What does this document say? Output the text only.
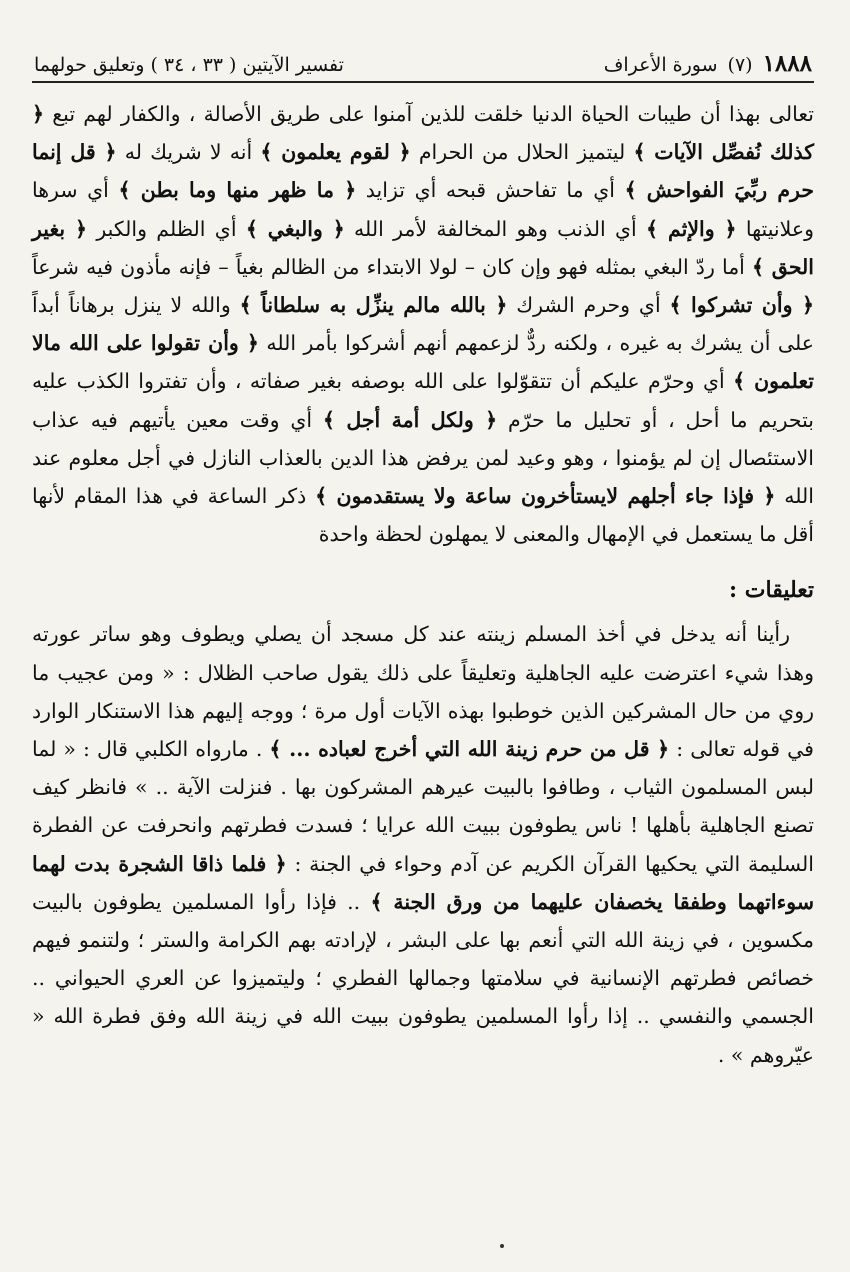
١٨٨٨
(٧)
سورة الأعراف
تفسير الآيتين ( ٣٣ ، ٣٤ ) وتعليق حولهما

تعالى بهذا أن طيبات الحياة الدنيا خلقت للذين آمنوا على طريق الأصالة ، والكفار لهم تبع ﴿ كذلك نُفصِّل الآيات ﴾ ليتميز الحلال من الحرام ﴿ لقوم يعلمون ﴾ أنه لا شريك له ﴿ قل إنما حرم ربِّيَ الفواحش ﴾ أي ما تفاحش قبحه أي تزايد ﴿ ما ظهر منها وما بطن ﴾ أي سرها وعلانيتها ﴿ والإثم ﴾ أي الذنب وهو المخالفة لأمر الله ﴿ والبغي ﴾ أي الظلم والكبر ﴿ بغير الحق ﴾ أما ردّ البغي بمثله فهو وإن كان – لولا الابتداء من الظالم بغياً – فإنه مأذون فيه شرعاً ﴿ وأن تشركوا ﴾ أي وحرم الشرك ﴿ بالله مالم ينزِّل به سلطاناً ﴾ والله لا ينزل برهاناً أبداً على أن يشرك به غيره ، ولكنه ردٌّ لزعمهم أنهم أشركوا بأمر الله ﴿ وأن تقولوا على الله مالا تعلمون ﴾ أي وحرّم عليكم أن تتقوّلوا على الله بوصفه بغير صفاته ، وأن تفتروا الكذب عليه بتحريم ما أحل ، أو تحليل ما حرّم ﴿ ولكل أمة أجل ﴾ أي وقت معين يأتيهم فيه عذاب الاستئصال إن لم يؤمنوا ، وهو وعيد لمن يرفض هذا الدين بالعذاب النازل في أجل معلوم عند الله ﴿ فإذا جاء أجلهم لايستأخرون ساعة ولا يستقدمون ﴾ ذكر الساعة في هذا المقام لأنها أقل ما يستعمل في الإمهال والمعنى لا يمهلون لحظة واحدة

تعليقات :

رأينا أنه يدخل في أخذ المسلم زينته عند كل مسجد أن يصلي ويطوف وهو ساتر عورته وهذا شيء اعترضت عليه الجاهلية وتعليقاً على ذلك يقول صاحب الظلال : « ومن عجيب ما روي من حال المشركين الذين خوطبوا بهذه الآيات أول مرة ؛ ووجه إليهم هذا الاستنكار الوارد في قوله تعالى : ﴿ قل من حرم زينة الله التي أخرج لعباده ... ﴾ . مارواه الكلبي قال : « لما لبس المسلمون الثياب ، وطافوا بالبيت عيرهم المشركون بها . فنزلت الآية .. » فانظر كيف تصنع الجاهلية بأهلها ! ناس يطوفون ببيت الله عرايا ؛ فسدت فطرتهم وانحرفت عن الفطرة السليمة التي يحكيها القرآن الكريم عن آدم وحواء في الجنة : ﴿ فلما ذاقا الشجرة بدت لهما سوءاتهما وطفقا يخصفان عليهما من ورق الجنة ﴾ .. فإذا رأوا المسلمين يطوفون بالبيت مكسوين ، في زينة الله التي أنعم بها على البشر ، لإرادته بهم الكرامة والستر ؛ ولتنمو فيهم خصائص فطرتهم الإنسانية في سلامتها وجمالها الفطري ؛ وليتميزوا عن العري الحيواني .. الجسمي والنفسي .. إذا رأوا المسلمين يطوفون ببيت الله في زينة الله وفق فطرة الله « عيّروهم » .
